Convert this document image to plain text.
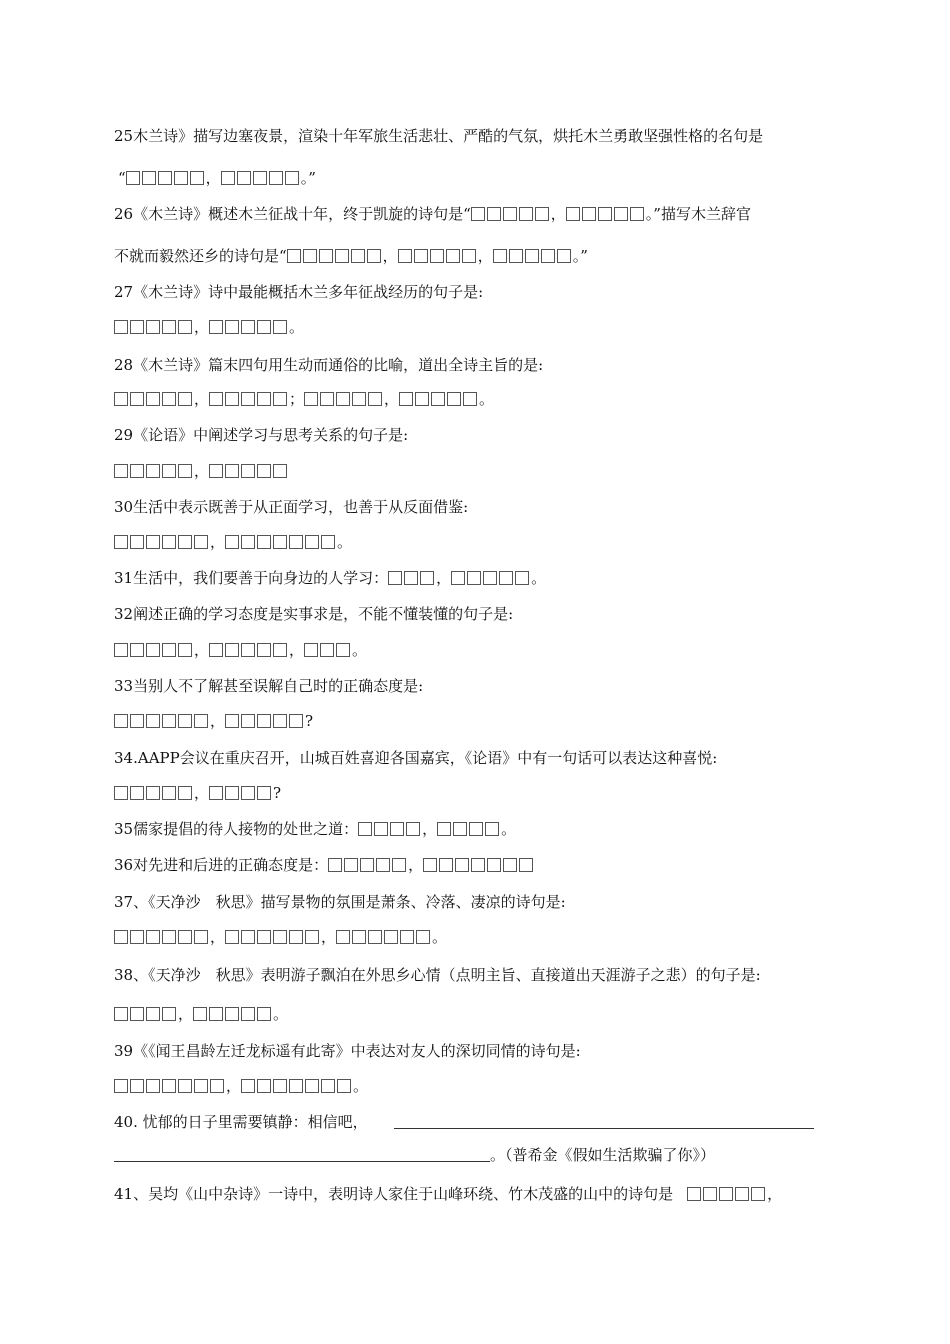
25木兰诗》描写边塞夜景，渲染十年军旅生活悲壮、严酷的气氛，烘托木兰勇敢坚强性格的名句是
“	，	。”
26《木兰诗》概述木兰征战十年，终于凯旋的诗句是“	，	。”描写木兰辞官
不就而毅然还乡的诗句是“	，	，	。”
27《木兰诗》诗中最能概括木兰多年征战经历的句子是:
，	。
28《木兰诗》篇末四句用生动而通俗的比喻，道出全诗主旨的是:
，	；	，	。
29《论语》中阐述学习与思考关系的句子是:
，
30生活中表示既善于从正面学习，也善于从反面借鉴:
，	。
31生活中，我们要善于向身边的人学习：	，	。
32阐述正确的学习态度是实事求是，不能不懂装懂的句子是:
，	，	。
33当别人不了解甚至误解自己时的正确态度是:
，	?
34.AAPP会议在重庆召开，山城百姓喜迎各国嘉宾，《论语》中有一句话可以表达这种喜悦:
，	?
35儒家提倡的待人接物的处世之道：	，	。
36对先进和后进的正确态度是：	，
37、《天净沙　秋思》描写景物的氛围是萧条、冷落、凄凉的诗句是:
，	，	。
38、《天净沙　秋思》表明游子飘泊在外思乡心情（点明主旨、直接道出天涯游子之悲）的句子是:
，	。
39《《闻王昌龄左迁龙标遥有此寄》中表达对友人的深切同情的诗句是:
，	。
40. 忧郁的日子里需要镇静：相信吧，
。（普希金《假如生活欺骗了你》）
41、吴均《山中杂诗》一诗中，表明诗人家住于山峰环绕、竹木茂盛的山中的诗句是	，
